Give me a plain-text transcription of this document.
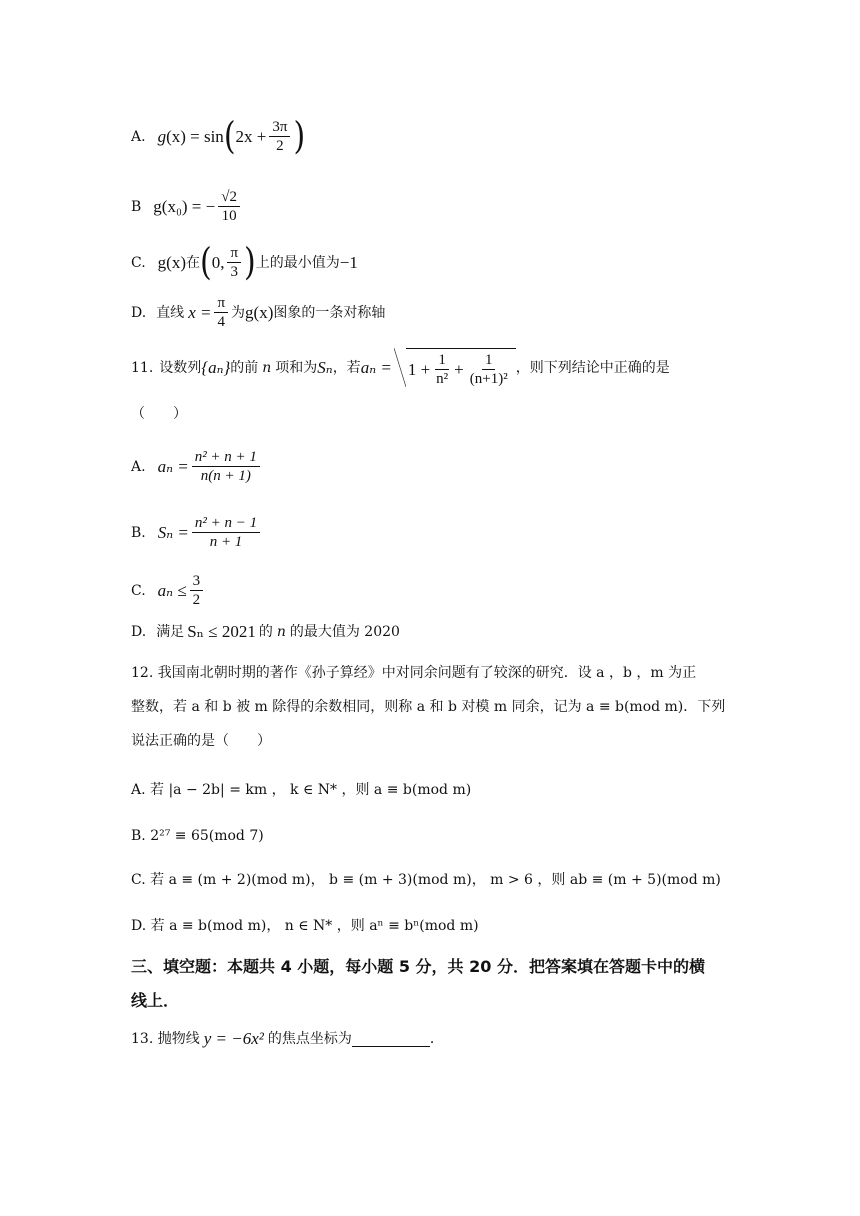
A. g (x) = sin ( $2x + \frac{3\pi}{2}$ )
B g(x₀) = − $\frac{√2}{10}$
C. g(x) 在 ( 0, $\frac{\pi}{3}$ ) 上的最小值为 −1
D. 直线 $x = \frac{\pi}{4}$ 为 g(x) 图象的一条对称轴
11. 设数列 {aₙ} 的前 n 项和为 Sₙ ，若 $a_n = 1 + \frac{1}{\text{n²}} + \frac{1}{\text{(n+1)²}}$ ，则下列结论中正确的是
（　　）
A. $a_n = \frac{\text{n² + n + 1}}{n(n + 1)}$
B. $S_n = \frac{\text{n² + n − 1}}{n + 1}$
C. $a_n \le \frac{3}{2}$
D. 满足 Sₙ ≤ 2021 的 n 的最大值为 2020
12. 我国南北朝时期的著作《孙子算经》中对同余问题有了较深的研究．设 a ，b ，m 为正
整数，若 a 和 b 被 m 除得的余数相同，则称 a 和 b 对模 m 同余，记为 a ≡ b(mod m)．下列
说法正确的是（　　）
A. 若 |a − 2b| = km ， k ∈ N* ，则 a ≡ b(mod m)
B. 2²⁷ ≡ 65(mod 7)
C. 若 a ≡ (m + 2)(mod m)， b ≡ (m + 3)(mod m)， m > 6 ，则 ab ≡ (m + 5)(mod m)
D. 若 a ≡ b(mod m)， n ∈ N* ，则 aⁿ ≡ bⁿ(mod m)
三、填空题：本题共 4 小题，每小题 5 分，共 20 分．把答案填在答题卡中的横
线上．
13. 抛物线 y = −6x² 的焦点坐标为	．
